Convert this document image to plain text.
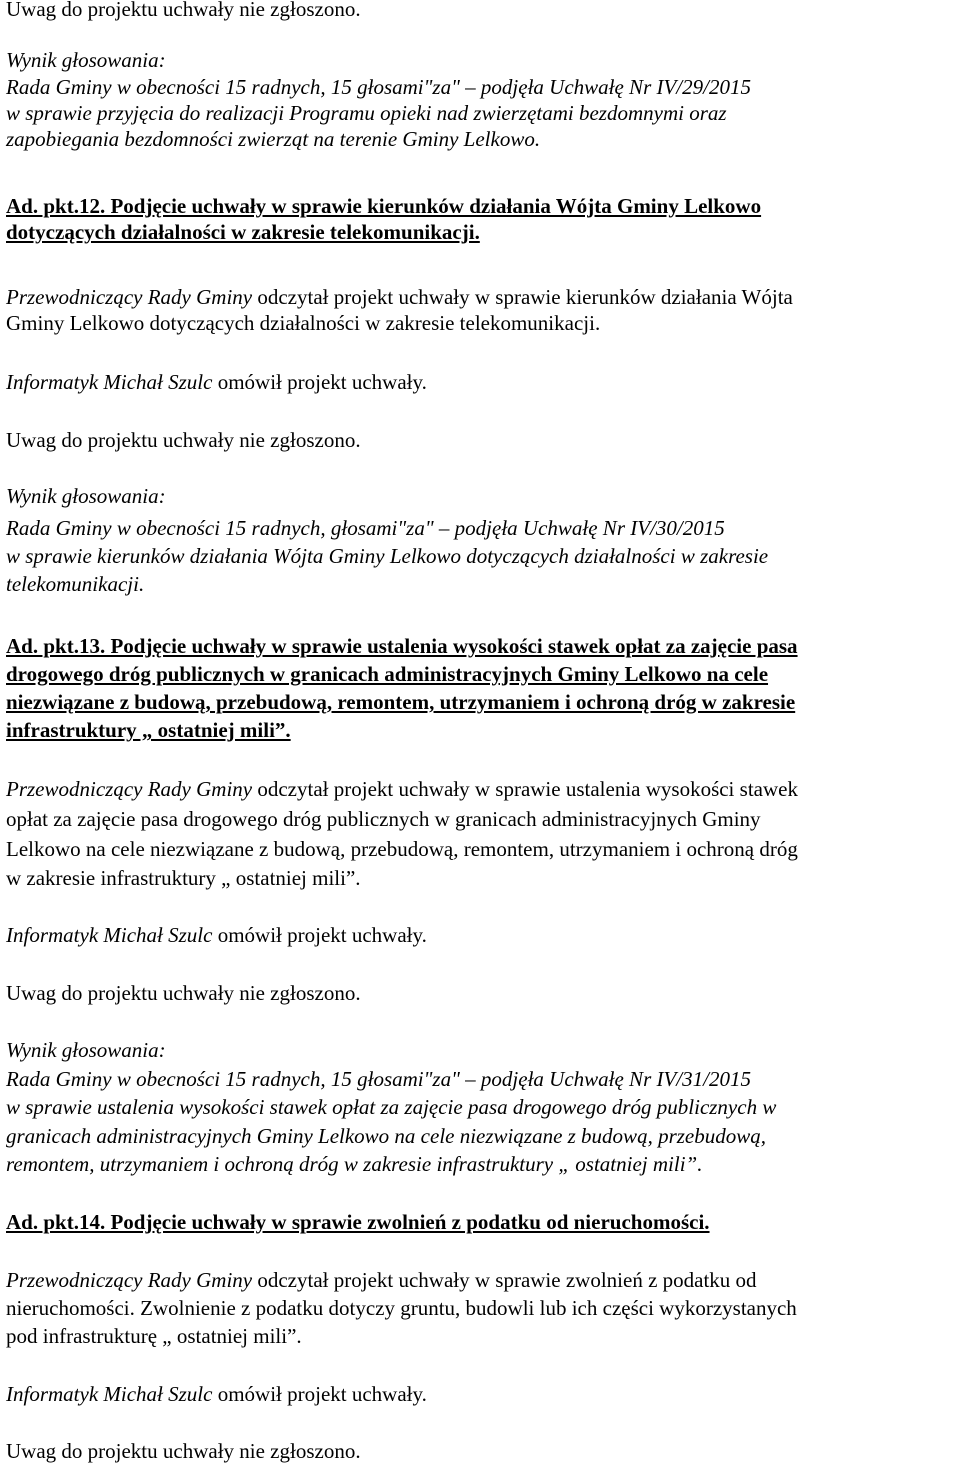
Uwag do projektu uchwały nie zgłoszono.
Wynik głosowania:
Rada Gminy w obecności 15 radnych, 15 głosami"za" – podjęła Uchwałę Nr IV/29/2015
w sprawie przyjęcia do realizacji Programu opieki nad zwierzętami bezdomnymi oraz
zapobiegania bezdomności zwierząt na terenie Gminy Lelkowo.
Ad. pkt.12. Podjęcie uchwały w sprawie kierunków działania Wójta Gminy Lelkowo
dotyczących działalności w zakresie telekomunikacji.
Przewodniczący Rady Gminy odczytał projekt uchwały w sprawie kierunków działania Wójta
Gminy Lelkowo dotyczących działalności w zakresie telekomunikacji.
Informatyk Michał Szulc omówił projekt uchwały.
Uwag do projektu uchwały nie zgłoszono.
Wynik głosowania:
Rada Gminy w obecności 15 radnych, głosami"za" – podjęła Uchwałę Nr IV/30/2015
w sprawie kierunków działania Wójta Gminy Lelkowo dotyczących działalności w zakresie
telekomunikacji.
Ad. pkt.13. Podjęcie uchwały w sprawie ustalenia wysokości stawek opłat za zajęcie pasa
drogowego dróg publicznych w granicach administracyjnych Gminy Lelkowo na cele
niezwiązane z budową, przebudową, remontem, utrzymaniem i ochroną dróg w zakresie
infrastruktury „ ostatniej mili”.
Przewodniczący Rady Gminy odczytał projekt uchwały w sprawie ustalenia wysokości stawek
opłat za zajęcie pasa drogowego dróg publicznych w granicach administracyjnych Gminy
Lelkowo na cele niezwiązane z budową, przebudową, remontem, utrzymaniem i ochroną dróg
w zakresie infrastruktury „ ostatniej mili”.
Informatyk Michał Szulc omówił projekt uchwały.
Uwag do projektu uchwały nie zgłoszono.
Wynik głosowania:
Rada Gminy w obecności 15 radnych, 15 głosami"za" – podjęła Uchwałę Nr IV/31/2015
w sprawie ustalenia wysokości stawek opłat za zajęcie pasa drogowego dróg publicznych w
granicach administracyjnych Gminy Lelkowo na cele niezwiązane z budową, przebudową,
remontem, utrzymaniem i ochroną dróg w zakresie infrastruktury „ ostatniej mili”.
Ad. pkt.14. Podjęcie uchwały w sprawie zwolnień z podatku od nieruchomości.
Przewodniczący Rady Gminy odczytał projekt uchwały w sprawie zwolnień z podatku od
nieruchomości. Zwolnienie z podatku dotyczy gruntu, budowli lub ich części wykorzystanych
pod infrastrukturę „ ostatniej mili”.
Informatyk Michał Szulc omówił projekt uchwały.
Uwag do projektu uchwały nie zgłoszono.
